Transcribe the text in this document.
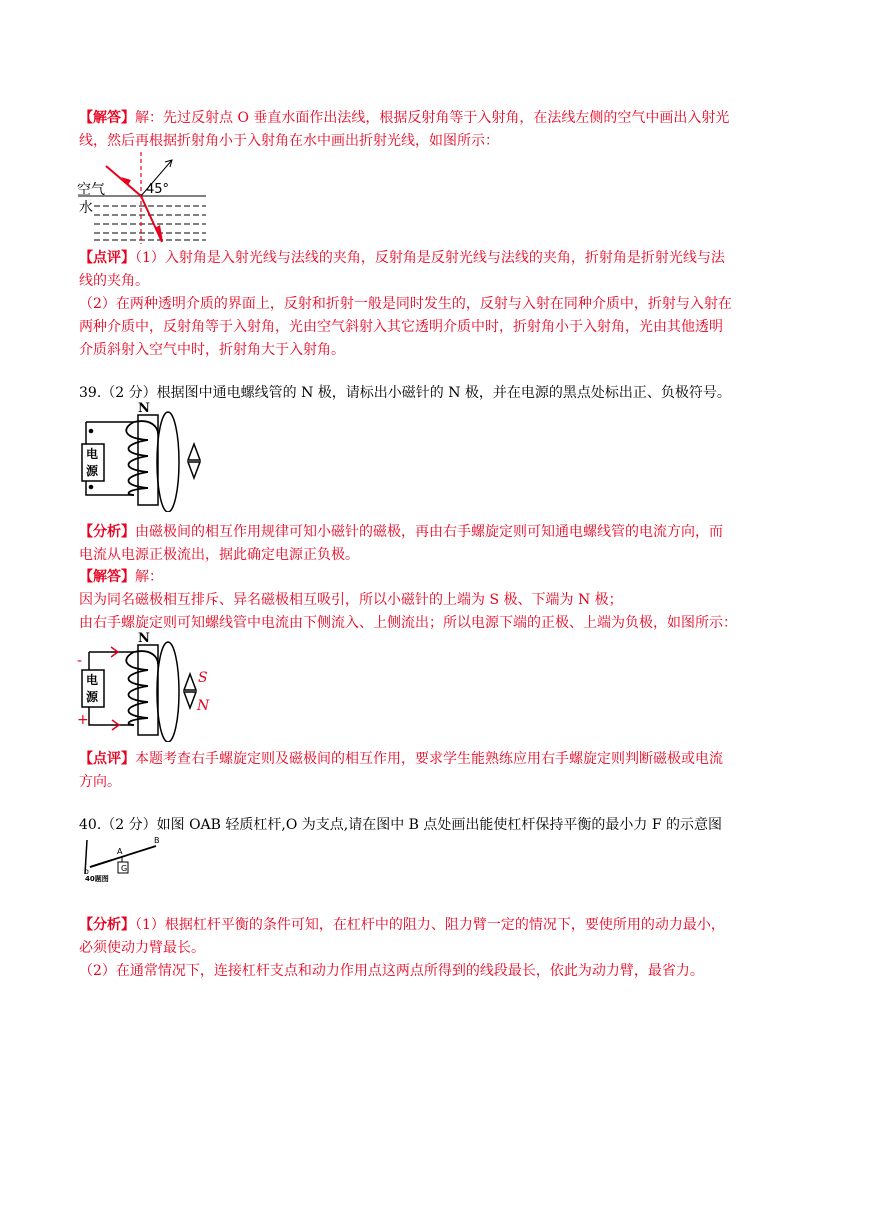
【解答】解：先过反射点 O 垂直水面作出法线，根据反射角等于入射角，在法线左侧的空气中画出入射光
线，然后再根据折射角小于入射角在水中画出折射光线，如图所示：
空气
水
45°
【点评】（1）入射角是入射光线与法线的夹角，反射角是反射光线与法线的夹角，折射角是折射光线与法
线的夹角。
（2）在两种透明介质的界面上，反射和折射一般是同时发生的，反射与入射在同种介质中，折射与入射在
两种介质中，反射角等于入射角，光由空气斜射入其它透明介质中时，折射角小于入射角，光由其他透明
介质斜射入空气中时，折射角大于入射角。
39.（2 分）根据图中通电螺线管的 N 极，请标出小磁针的 N 极，并在电源的黑点处标出正、负极符号。
电
源
N
【分析】由磁极间的相互作用规律可知小磁针的磁极，再由右手螺旋定则可知通电螺线管的电流方向，而
电流从电源正极流出，据此确定电源正负极。
【解答】解：
因为同名磁极相互排斥、异名磁极相互吸引，所以小磁针的上端为 S 极、下端为 N 极；
由右手螺旋定则可知螺线管中电流由下侧流入、上侧流出；所以电源下端的正极、上端为负极，如图所示：
-
+
电
源
N
S
N
【点评】本题考查右手螺旋定则及磁极间的相互作用，要求学生能熟练应用右手螺旋定则判断磁极或电流
方向。
40.（2 分）如图 OAB 轻质杠杆,O 为支点,请在图中 B 点处画出能使杠杆保持平衡的最小力 F 的示意图
G
o
A
B
40题图
【分析】（1）根据杠杆平衡的条件可知，在杠杆中的阻力、阻力臂一定的情况下，要使所用的动力最小，
必须使动力臂最长。
（2）在通常情况下，连接杠杆支点和动力作用点这两点所得到的线段最长，依此为动力臂，最省力。
